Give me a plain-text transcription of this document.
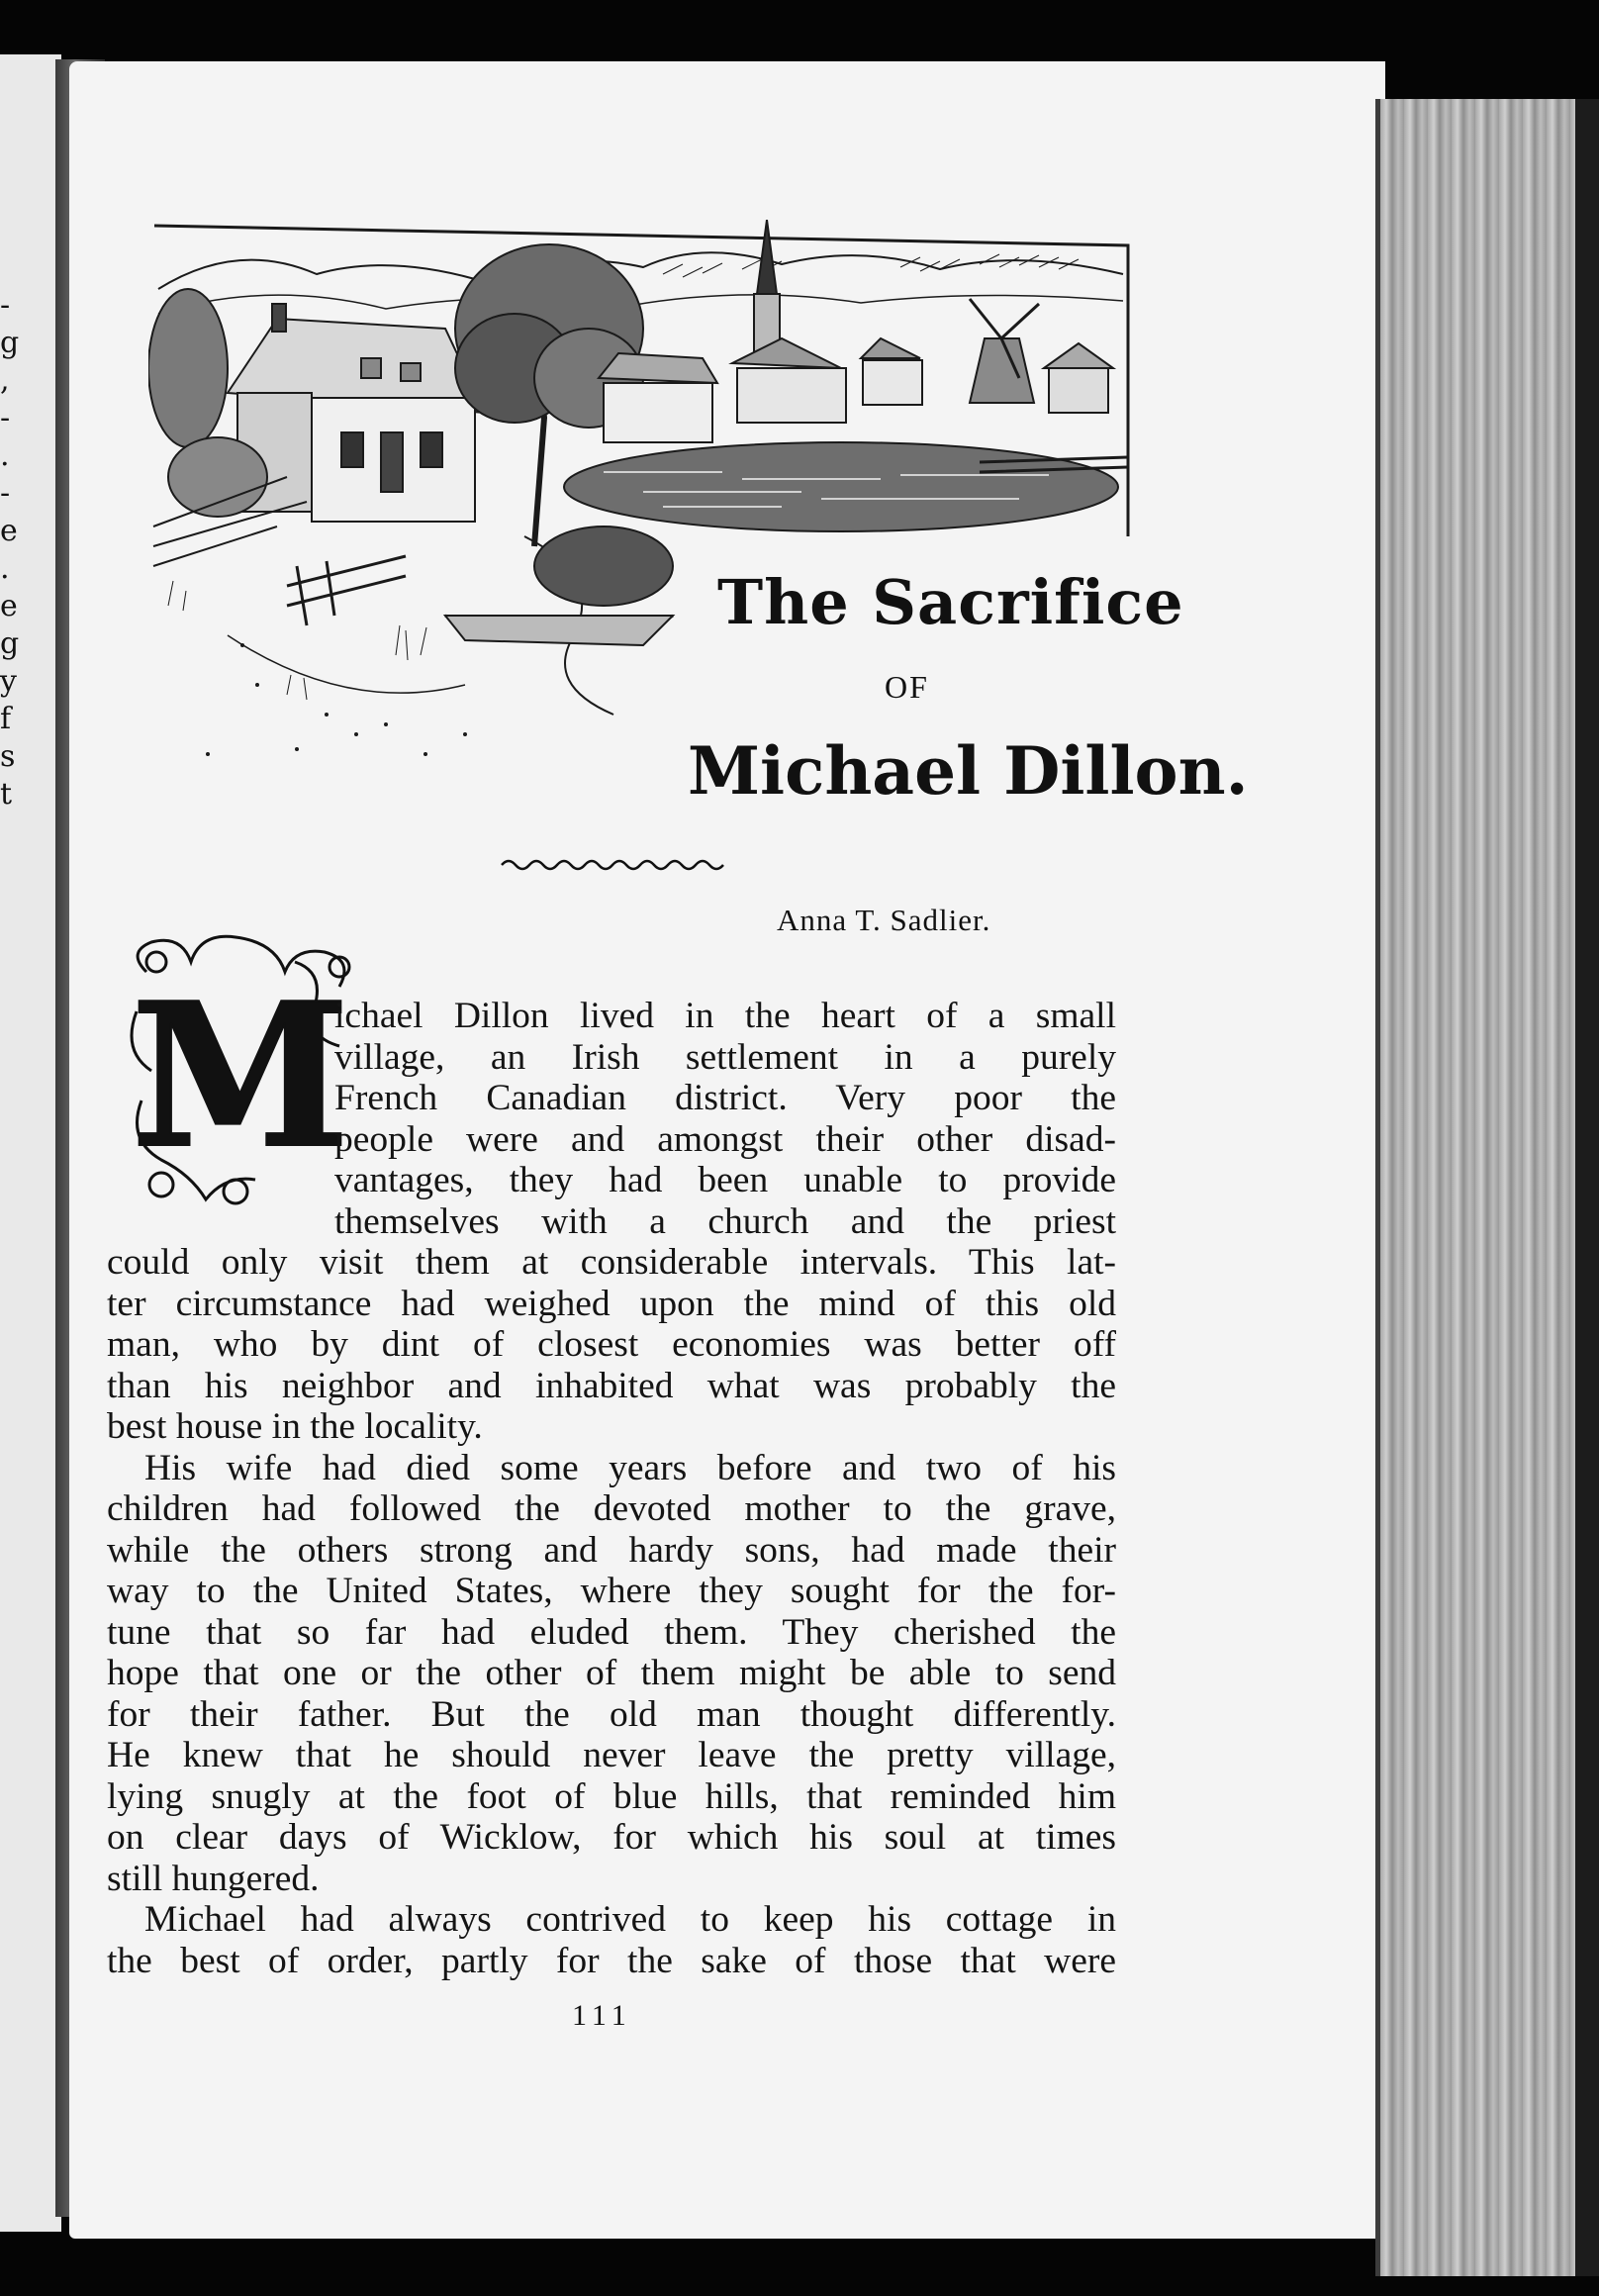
-
g
,
-
.
-
e
.
e
g
y
f
s
t
The Sacrifice
OF
Michael Dillon.
Anna T. Sadlier.
M

ichael Dillon lived in the heart of a small

village, an Irish settlement in a purely

French Canadian district. Very poor the

people were and amongst their other disad-

vantages, they had been unable to provide

themselves with a church and the priest

could only visit them at considerable intervals. This lat-

ter circumstance had weighed upon the mind of this old

man, who by dint of closest economies was better off

than his neighbor and inhabited what was probably the

best house in the locality.

His wife had died some years before and two of his

children had followed the devoted mother to the grave,

while the others strong and hardy sons, had made their

way to the United States, where they sought for the for-

tune that so far had eluded them. They cherished the

hope that one or the other of them might be able to send

for their father. But the old man thought differently.

He knew that he should never leave the pretty village,

lying snugly at the foot of blue hills, that reminded him

on clear days of Wicklow, for which his soul at times

still hungered.

Michael had always contrived to keep his cottage in

the best of order, partly for the sake of those that were

111
